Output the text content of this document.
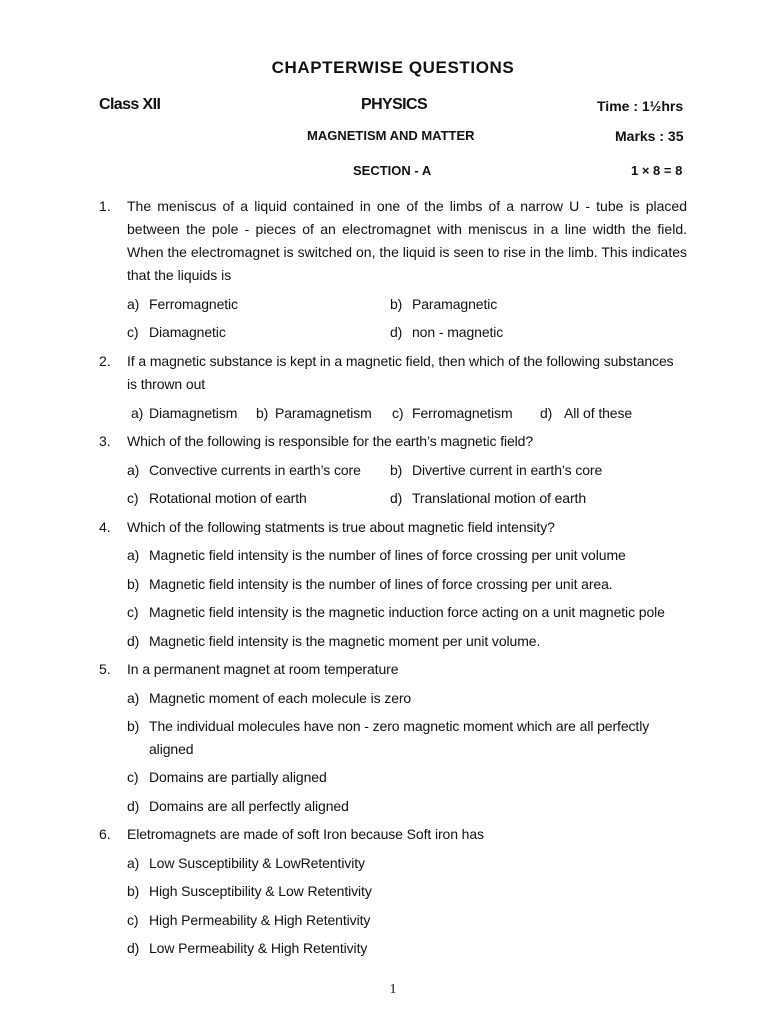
CHAPTERWISE QUESTIONS
Class XII	PHYSICS	Time : 1½hrs
MAGNETISM AND MATTER	Marks : 35
SECTION - A	1 × 8 = 8
1. The meniscus of a liquid contained in one of the limbs of a narrow U - tube is placed between the pole - pieces of an electromagnet with meniscus in a line width the field. When the electromagnet is switched on, the liquid is seen to rise in the limb. This indicates that the liquids is
a) Ferromagnetic	b) Paramagnetic
c) Diamagnetic	d) non - magnetic
2. If a magnetic substance is kept in a magnetic field, then which of the following substances
is thrown out
a) Diamagnetism b) Paramagnetism c) Ferromagnetism d) All of these
3. Which of the following is responsible for the earth’s magnetic field?
a) Convective currents in earth’s core b) Divertive current in earth’s core
c) Rotational motion of earth	d) Translational motion of earth
4. Which of the following statments is true about magnetic field intensity?
a) Magnetic field intensity is the number of lines of force crossing per unit volume
b) Magnetic field intensity is the number of lines of force crossing per unit area.
c) Magnetic field intensity is the magnetic induction force acting on a unit magnetic pole
d) Magnetic field intensity is the magnetic moment per unit volume.
5. In a permanent magnet at room temperature
a) Magnetic moment of each molecule is zero
b) The individual molecules have non - zero magnetic moment which are all perfectly
aligned
c) Domains are partially aligned
d) Domains are all perfectly aligned
6. Eletromagnets are made of soft Iron because Soft iron has
a) Low Susceptibility & LowRetentivity
b) High Susceptibility & Low Retentivity
c) High Permeability & High Retentivity
d) Low Permeability & High Retentivity
1
